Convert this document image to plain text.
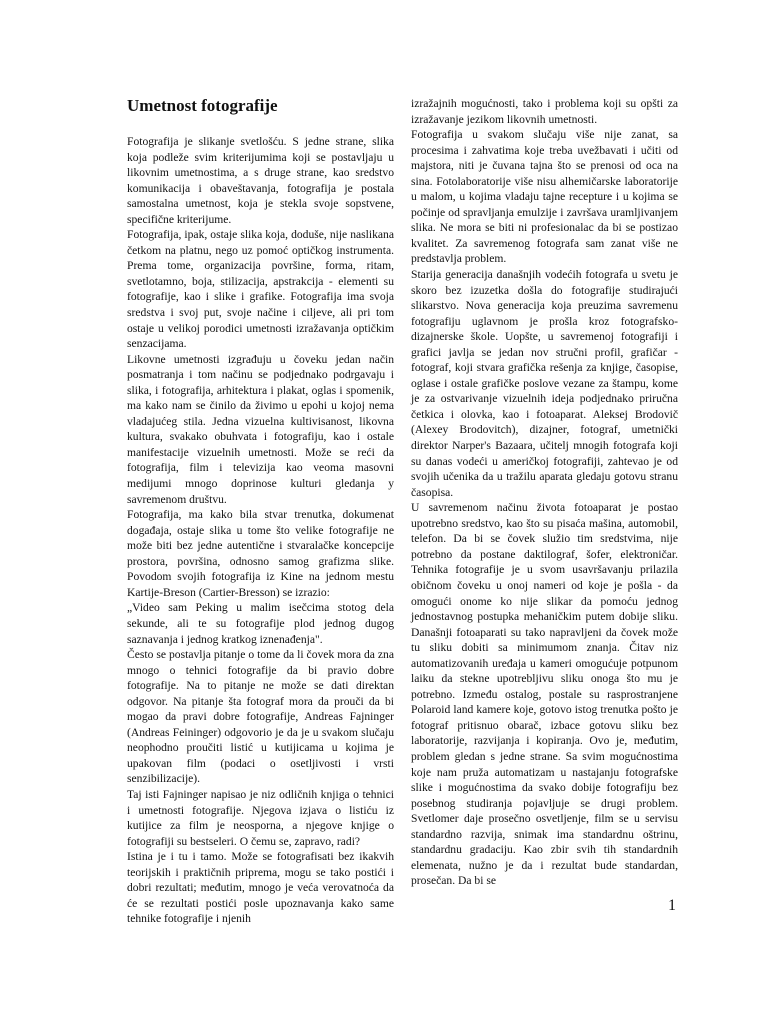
Umetnost fotografije

Fotografija je slikanje svetlošću. S jedne strane, slika koja podleže svim kriterijumima koji se postavljaju u likovnim umetnostima, a s druge strane, kao sredstvo komunikacija i obaveštavanja, fotografija je postala samostalna umetnost, koja je stekla svoje sopstvene, specifične kriterijume.

Fotografija, ipak, ostaje slika koja, doduše, nije naslikana četkom na platnu, nego uz pomoć optičkog instrumenta. Prema tome, organizacija površine, forma, ritam, svetlotamno, boja, stilizacija, apstrakcija - elementi su fotografije, kao i slike i grafike. Fotografija ima svoja sredstva i svoj put, svoje načine i ciljeve, ali pri tom ostaje u velikoj porodici umetnosti izražavanja optičkim senzacijama.

Likovne umetnosti izgrađuju u čoveku jedan način posmatranja i tom načinu se podjednako podrgavaju i slika, i fotografija, arhitektura i plakat, oglas i spomenik, ma kako nam se činilo da živimo u epohi u kojoj nema vladajućeg stila. Jedna vizuelna kultivisanost, likovna kultura, svakako obuhvata i fotografiju, kao i ostale manifestacije vizuelnih umetnosti. Može se reći da fotografija, film i televizija kao veoma masovni medijumi mnogo doprinose kulturi gledanja y savremenom društvu.

Fotografija, ma kako bila stvar trenutka, dokumenat događaja, ostaje slika u tome što velike fotografije ne može biti bez jedne autentične i stvaralačke koncepcije prostora, površina, odnosno samog grafizma slike. Povodom svojih fotografija iz Kine na jednom mestu Kartije-Breson (Cartier-Bresson) se izrazio:

„Video sam Peking u malim isečcima stotog dela sekunde, ali te su fotografije plod jednog dugog saznavanja i jednog kratkog iznenađenja".

Često se postavlja pitanje o tome da li čovek mora da zna mnogo o tehnici fotografije da bi pravio dobre fotografije. Na to pitanje ne može se dati direktan odgovor. Na pitanje šta fotograf mora da prouči da bi mogao da pravi dobre fotografije, Andreas Fajninger (Andreas Feininger) odgovorio je da je u svakom slučaju neophodno proučiti listić u kutijicama u kojima je upakovan film (podaci o osetljivosti i vrsti senzibilizacije).

Taj isti Fajninger napisao je niz odličnih knjiga o tehnici i umetnosti fotografije. Njegova izjava o listiću iz kutijice za film je neosporna, a njegove knjige o fotografiji su bestseleri. O čemu se, zapravo, radi?

Istina je i tu i tamo. Može se fotografisati bez ikakvih teorijskih i praktičnih priprema, mogu se tako postići i dobri rezultati; međutim, mnogo je veća verovatnoća da će se rezultati postići posle upoznavanja kako same tehnike fotografije i njenih

izražajnih mogućnosti, tako i problema koji su opšti za izražavanje jezikom likovnih umetnosti.

Fotografija u svakom slučaju više nije zanat, sa procesima i zahvatima koje treba uvežbavati i učiti od majstora, niti je čuvana tajna što se prenosi od oca na sina. Fotolaboratorije više nisu alhemičarske laboratorije u malom, u kojima vladaju tajne recepture i u kojima se počinje od spravljanja emulzije i završava uramljivanjem slika. Ne mora se biti ni profesionalac da bi se postizao kvalitet. Za savremenog fotografa sam zanat više ne predstavlja problem.

Starija generacija današnjih vodećih fotografa u svetu je skoro bez izuzetka došla do fotografije studirajući slikarstvo. Nova generacija koja preuzima savremenu fotografiju uglavnom je prošla kroz fotografsko-dizajnerske škole. Uopšte, u savremenoj fotografiji i grafici javlja se jedan nov stručni profil, grafičar - fotograf, koji stvara grafička rešenja za knjige, časopise, oglase i ostale grafičke poslove vezane za štampu, kome je za ostvarivanje vizuelnih ideja podjednako priručna četkica i olovka, kao i fotoaparat. Aleksej Brodovič (Alexey Brodovitch), dizajner, fotograf, umetnički direktor Narper's Bazaara, učitelj mnogih fotografa koji su danas vodeći u američkoj fotografiji, zahtevao je od svojih učenika da u tražilu aparata gledaju gotovu stranu časopisa.

U savremenom načinu života fotoaparat je postao upotrebno sredstvo, kao što su pisaća mašina, automobil, telefon. Da bi se čovek služio tim sredstvima, nije potrebno da postane daktilograf, šofer, elektroničar. Tehnika fotografije je u svom usavršavanju prilazila običnom čoveku u onoj nameri od koje je pošla - da omogući onome ko nije slikar da pomoću jednog jednostavnog postupka mehaničkim putem dobije sliku. Današnji fotoaparati su tako napravljeni da čovek može tu sliku dobiti sa minimumom znanja. Čitav niz automatizovanih uređaja u kameri omogućuje potpunom laiku da stekne upotrebljivu sliku onoga što mu je potrebno. Između ostalog, postale su rasprostranjene Polaroid land kamere koje, gotovo istog trenutka pošto je fotograf pritisnuo obarač, izbace gotovu sliku bez laboratorije, razvijanja i kopiranja. Ovo je, međutim, problem gledan s jedne strane. Sa svim mogućnostima koje nam pruža automatizam u nastajanju fotografske slike i mogućnostima da svako dobije fotografiju bez posebnog studiranja pojavljuje se drugi problem. Svetlomer daje prosečno osvetljenje, film se u servisu standardno razvija, snimak ima standardnu oštrinu, standardnu gradaciju. Kao zbir svih tih standardnih elemenata, nužno je da i rezultat bude standardan, prosečan. Da bi se

1
